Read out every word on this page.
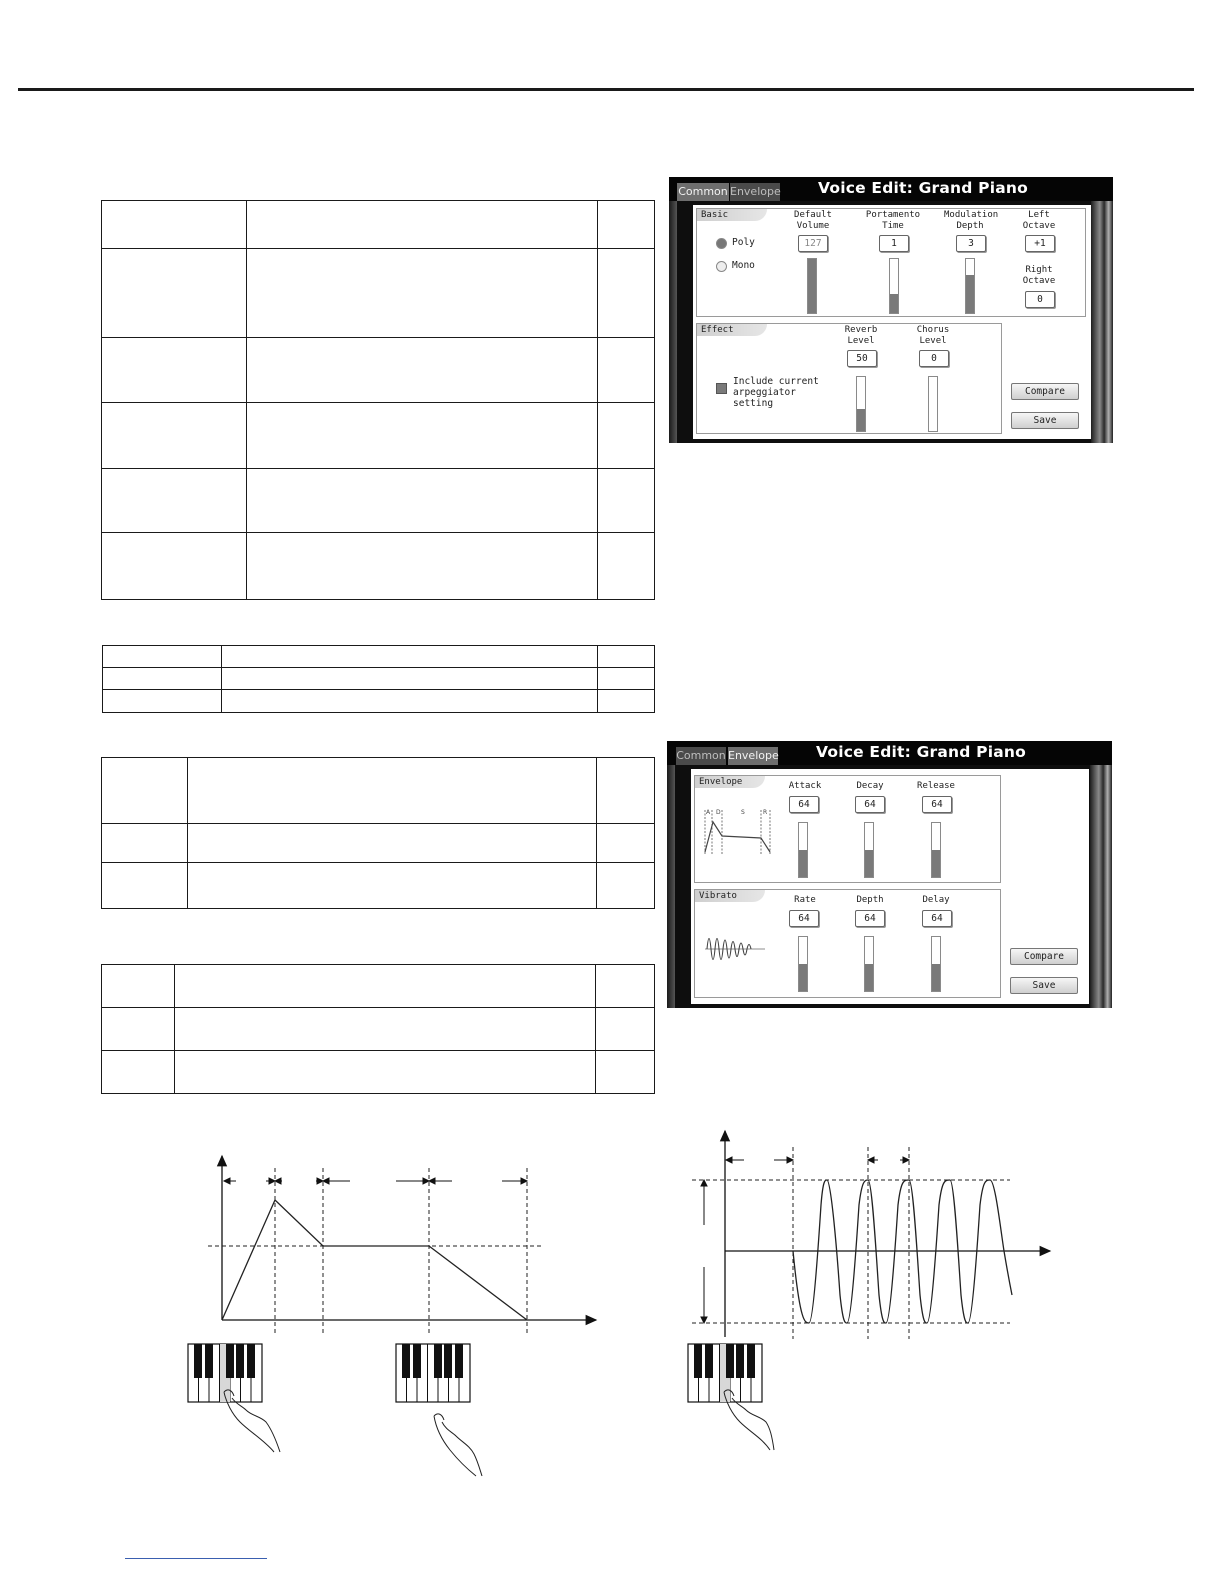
Common Envelope Voice Edit: Grand Piano
Basic
Poly
Mono
Default Volume
127
Portamento Time
1
Modulation Depth
3
Left Octave
+1
Right Octave
0
Effect	Reverb Level
50
Chorus Level
0
Include current arpeggiator setting
Compare
Save
Common Envelope Voice Edit: Grand Piano
Envelope
A D	S	R
Attack
64
Decay
64
Release
64
Vibrato	Rate
64
Depth
64
Delay
64
Compare
Save
